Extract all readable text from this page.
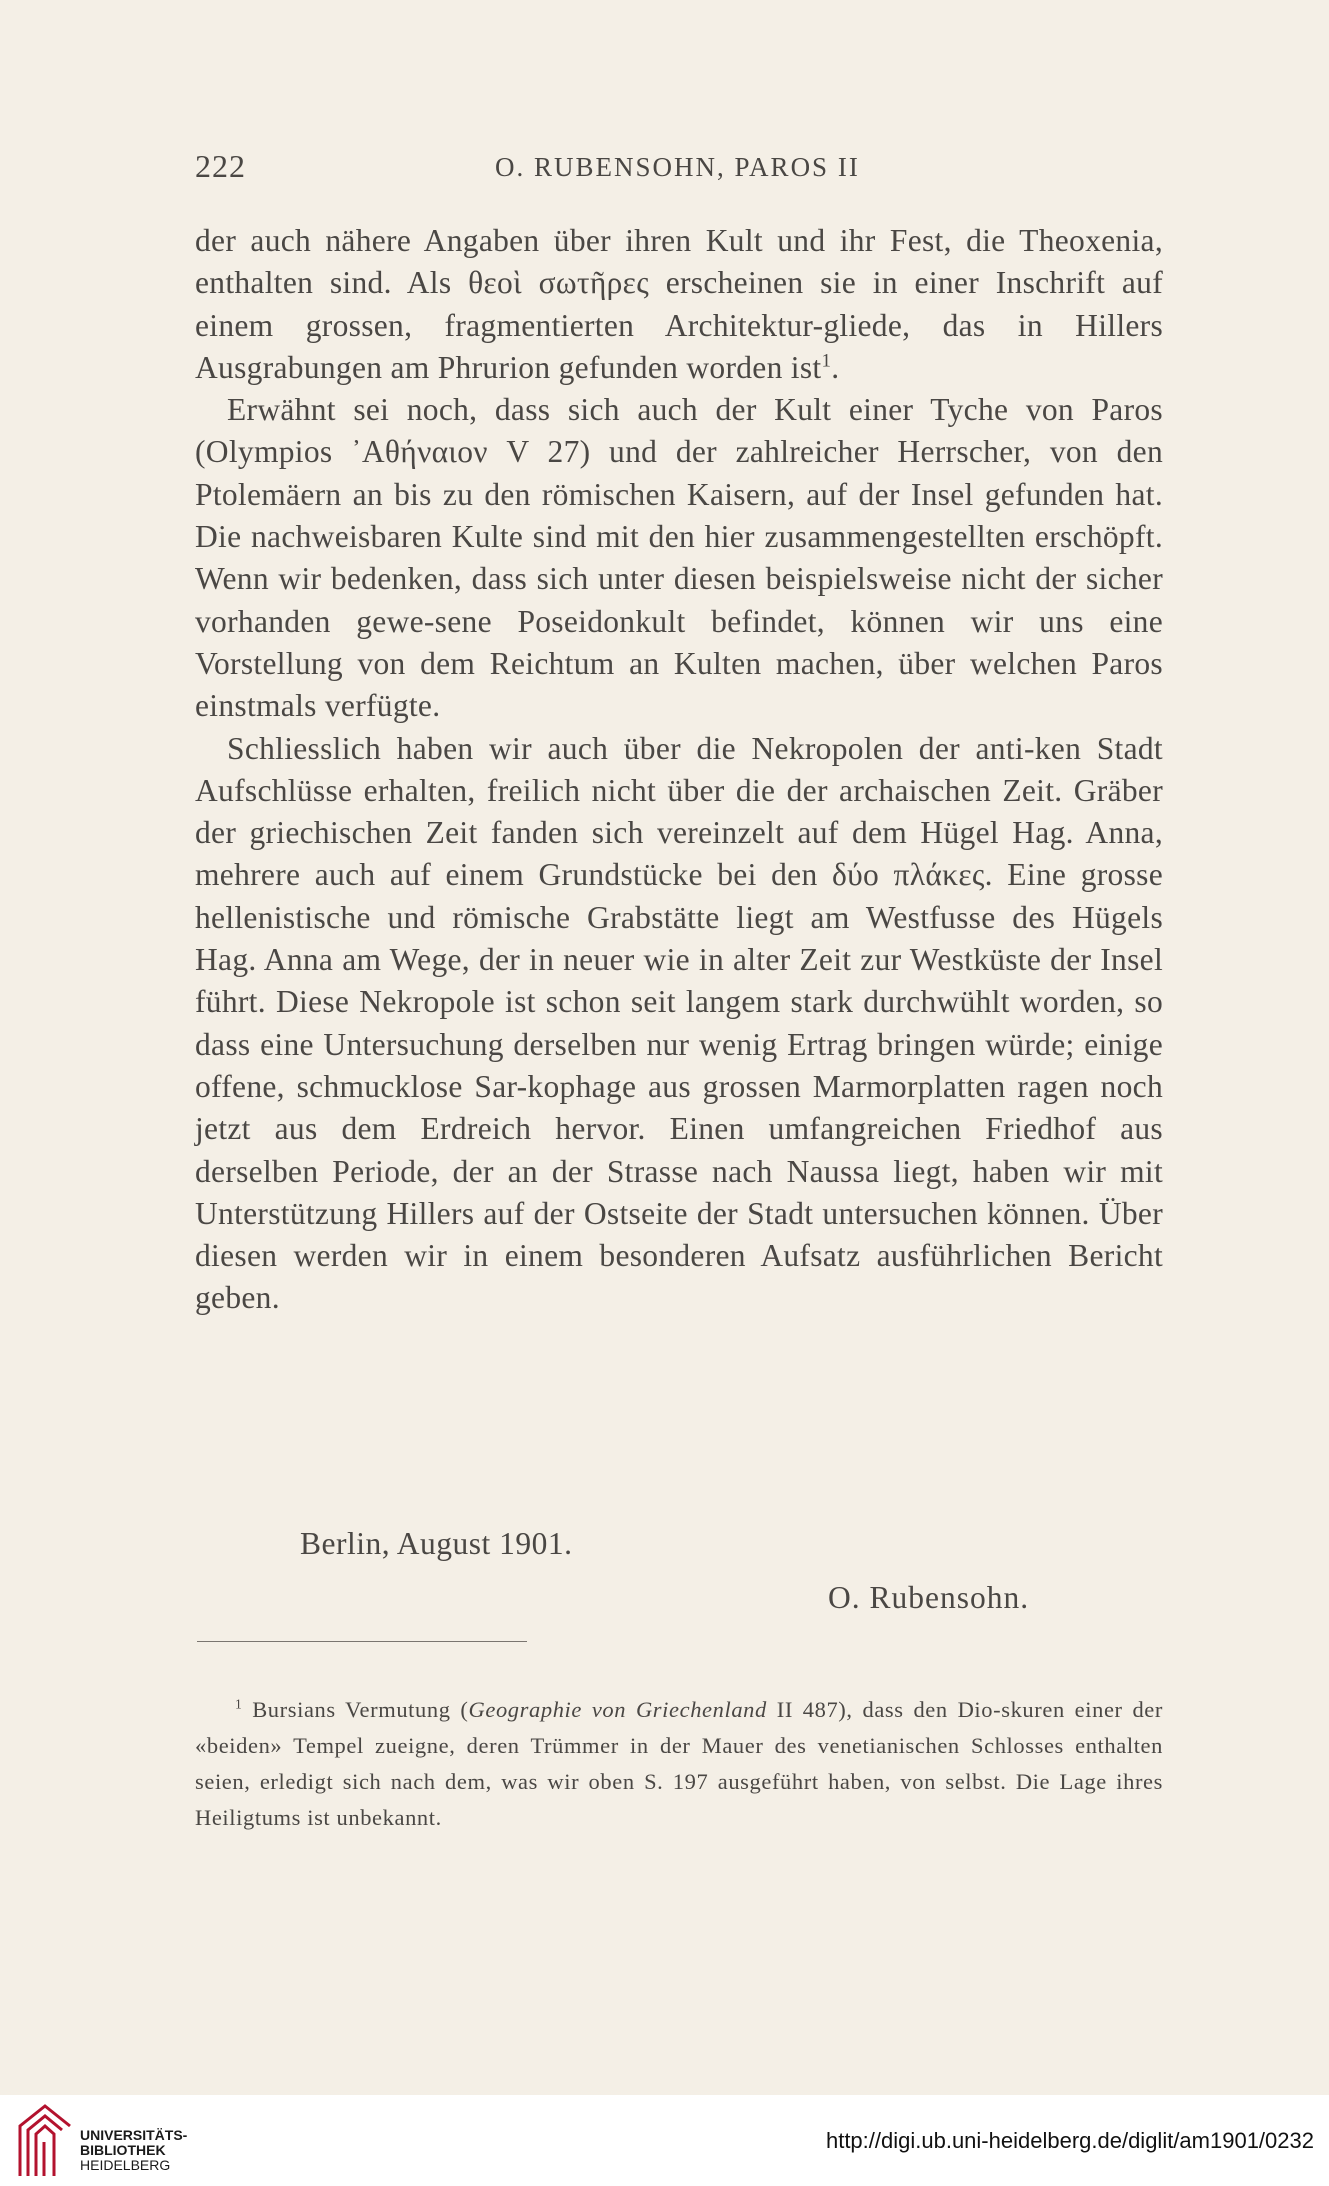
222	O. RUBENSOHN, PAROS II

der auch nähere Angaben über ihren Kult und ihr Fest, die Theoxenia, enthalten sind. Als θεοὶ σωτῆρες erscheinen sie in einer Inschrift auf einem grossen, fragmentierten Architektur-gliede, das in Hillers Ausgrabungen am Phrurion gefunden worden ist$^1$.

Erwähnt sei noch, dass sich auch der Kult einer Tyche von Paros (Olympios ᾿Αθήναιον V 27) und der zahlreicher Herrscher, von den Ptolemäern an bis zu den römischen Kaisern, auf der Insel gefunden hat. Die nachweisbaren Kulte sind mit den hier zusammengestellten erschöpft. Wenn wir bedenken, dass sich unter diesen beispielsweise nicht der sicher vorhanden gewe-sene Poseidonkult befindet, können wir uns eine Vorstellung von dem Reichtum an Kulten machen, über welchen Paros einstmals verfügte.

Schliesslich haben wir auch über die Nekropolen der anti-ken Stadt Aufschlüsse erhalten, freilich nicht über die der archaischen Zeit. Gräber der griechischen Zeit fanden sich vereinzelt auf dem Hügel Hag. Anna, mehrere auch auf einem Grundstücke bei den δύο πλάκες. Eine grosse hellenistische und römische Grabstätte liegt am Westfusse des Hügels Hag. Anna am Wege, der in neuer wie in alter Zeit zur Westküste der Insel führt. Diese Nekropole ist schon seit langem stark durchwühlt worden, so dass eine Untersuchung derselben nur wenig Ertrag bringen würde; einige offene, schmucklose Sar-kophage aus grossen Marmorplatten ragen noch jetzt aus dem Erdreich hervor. Einen umfangreichen Friedhof aus derselben Periode, der an der Strasse nach Naussa liegt, haben wir mit Unterstützung Hillers auf der Ostseite der Stadt untersuchen können. Über diesen werden wir in einem besonderen Aufsatz ausführlichen Bericht geben.

Berlin, August 1901.
O. Rubensohn.
$^1$ Bursians Vermutung (Geographie von Griechenland II 487), dass den Dio-skuren einer der «beiden» Tempel zueigne, deren Trümmer in der Mauer des venetianischen Schlosses enthalten seien, erledigt sich nach dem, was wir oben S. 197 ausgeführt haben, von selbst. Die Lage ihres Heiligtums ist unbekannt.
UNIVERSITÄTS-
BIBLIOTHEK
HEIDELBERG
http://digi.ub.uni-heidelberg.de/diglit/am1901/0232
